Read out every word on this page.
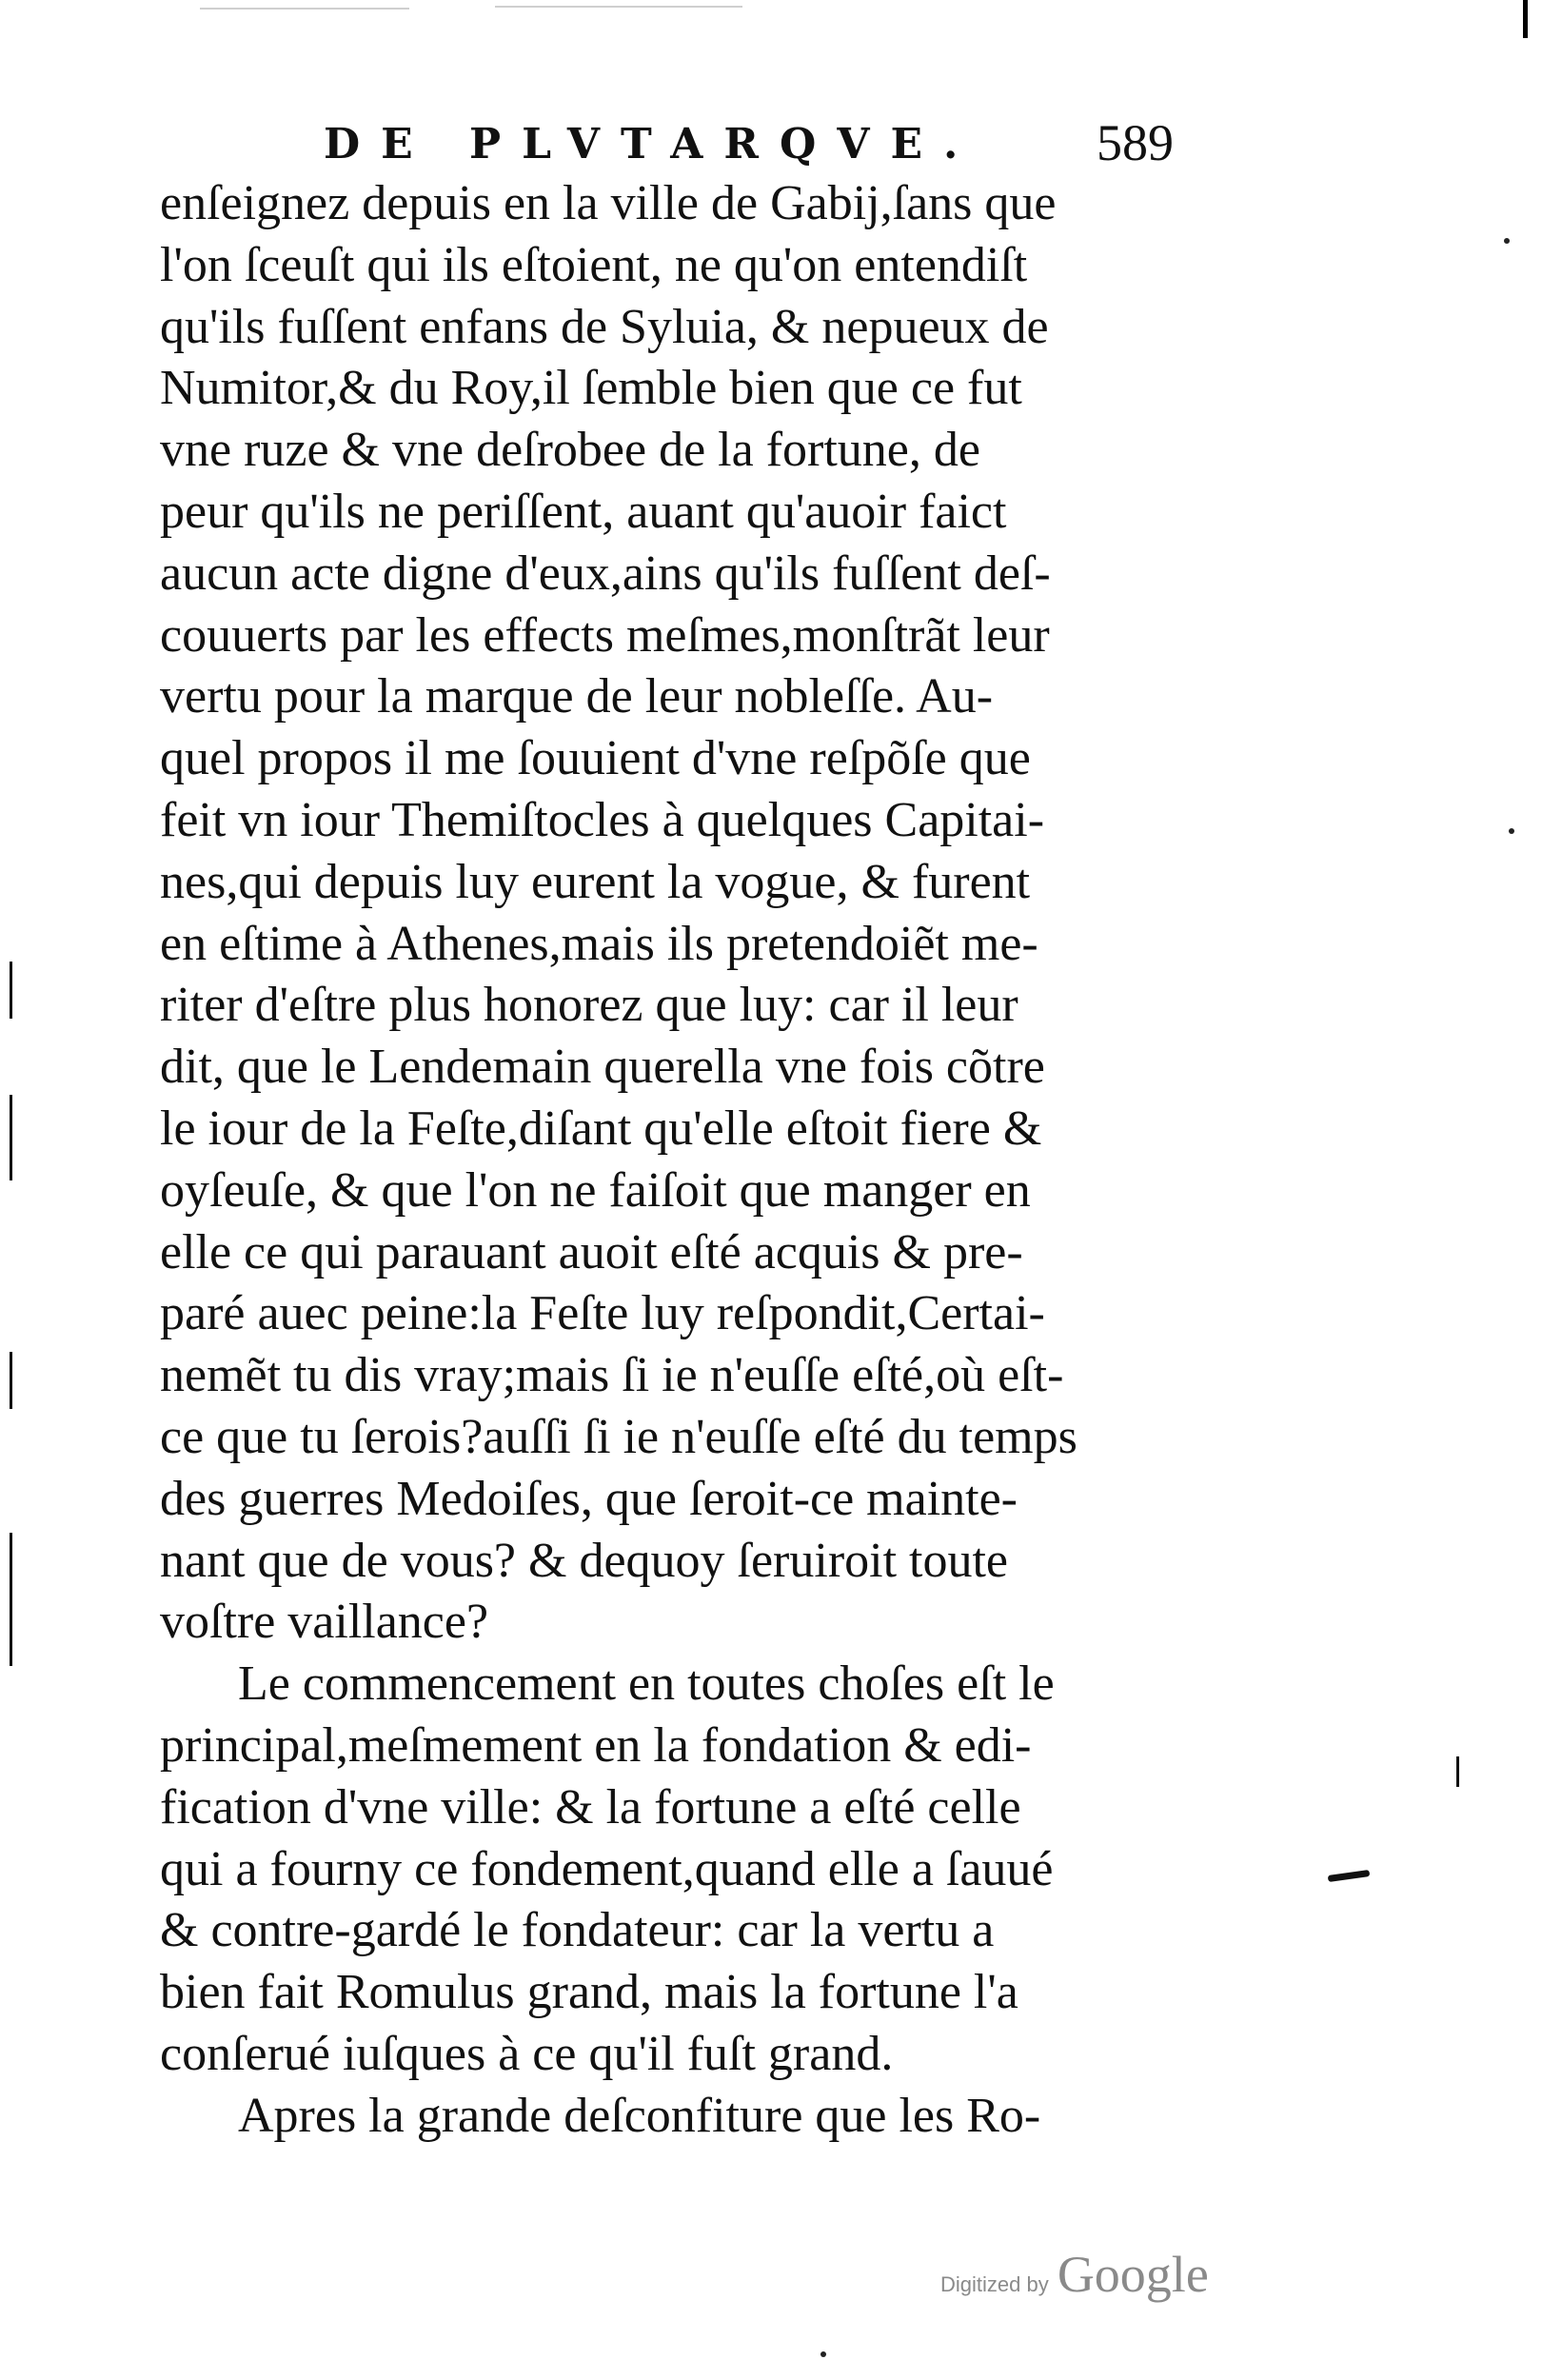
DE PLVTARQVE. 589
enſeignez depuis en la ville de Gabij,ſans que
l'on ſceuſt qui ils eſtoient, ne qu'on entendiſt
qu'ils fuſſent enfans de Syluia, & nepueux de
Numitor,& du Roy,il ſemble bien que ce fut
vne ruze & vne deſrobee de la fortune, de
peur qu'ils ne periſſent, auant qu'auoir faict
aucun acte digne d'eux,ains qu'ils fuſſent deſ-
couuerts par les effects meſmes,monſtrãt leur
vertu pour la marque de leur nobleſſe. Au-
quel propos il me ſouuient d'vne reſpõſe que
feit vn iour Themiſtocles à quelques Capitai-
nes,qui depuis luy eurent la vogue, & furent
en eſtime à Athenes,mais ils pretendoiẽt me-
riter d'eſtre plus honorez que luy: car il leur
dit, que le Lendemain querella vne fois cõtre
le iour de la Feſte,diſant qu'elle eſtoit fiere &
oyſeuſe, & que l'on ne faiſoit que manger en
elle ce qui parauant auoit eſté acquis & pre-
paré auec peine:la Feſte luy reſpondit,Certai-
nemẽt tu dis vray;mais ſi ie n'euſſe eſté,où eſt-
ce que tu ſerois?auſſi ſi ie n'euſſe eſté du temps
des guerres Medoiſes, que ſeroit-ce mainte-
nant que de vous? & dequoy ſeruiroit toute
voſtre vaillance?
Le commencement en toutes choſes eſt le
principal,meſmement en la fondation & edi-
fication d'vne ville: & la fortune a eſté celle
qui a fourny ce fondement,quand elle a ſauué
& contre-gardé le fondateur: car la vertu a
bien fait Romulus grand, mais la fortune l'a
conſerué iuſques à ce qu'il fuſt grand.
Apres la grande deſconfiture que les Ro-
Digitized by Google
